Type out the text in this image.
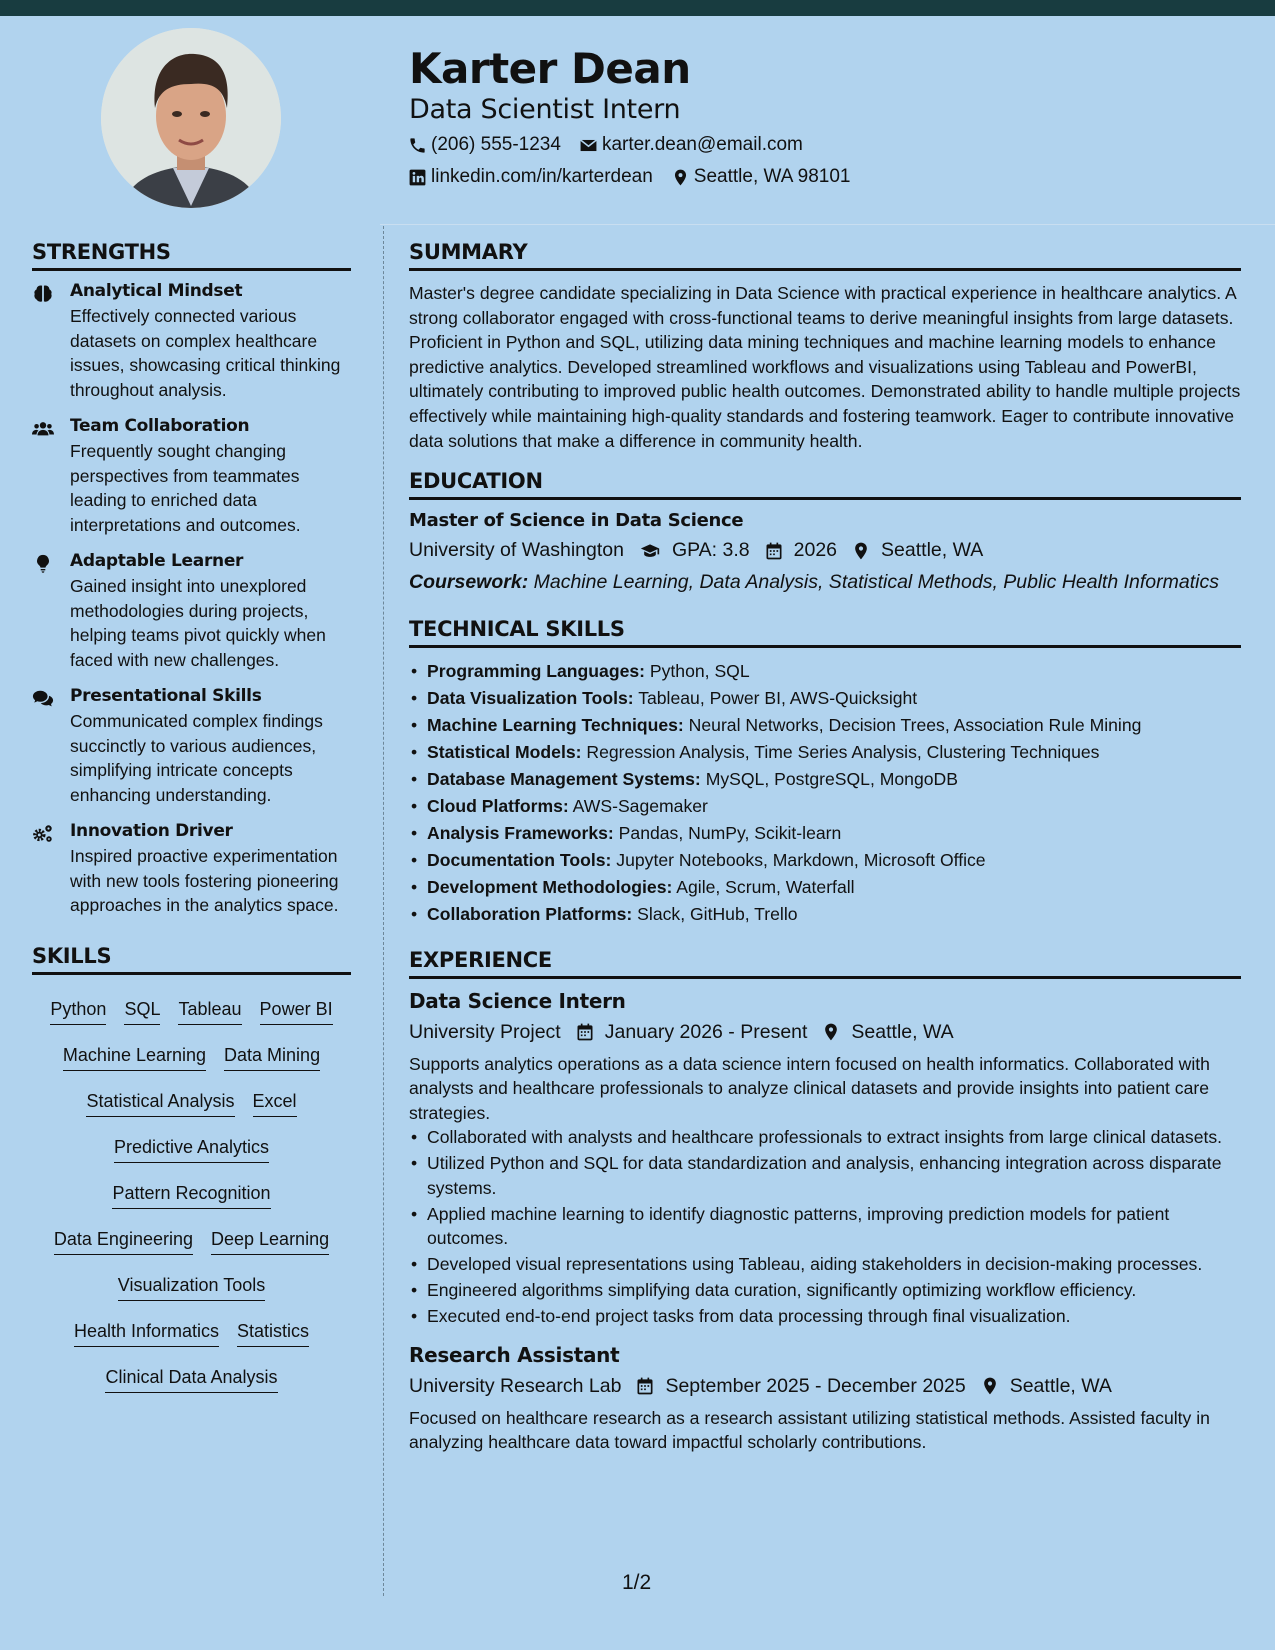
Karter Dean
Data Scientist Intern
(206) 555-1234 karter.dean@email.com
linkedin.com/in/karterdean Seattle, WA 98101
STRENGTHS
Analytical Mindset
Effectively connected various datasets on complex healthcare issues, showcasing critical thinking throughout analysis.
Team Collaboration
Frequently sought changing perspectives from teammates leading to enriched data interpretations and outcomes.
Adaptable Learner
Gained insight into unexplored methodologies during projects, helping teams pivot quickly when faced with new challenges.
Presentational Skills
Communicated complex findings succinctly to various audiences, simplifying intricate concepts enhancing understanding.
Innovation Driver
Inspired proactive experimentation with new tools fostering pioneering approaches in the analytics space.
SKILLS
Python SQL Tableau Power BI
Machine Learning Data Mining
Statistical Analysis Excel
Predictive Analytics
Pattern Recognition
Data Engineering Deep Learning
Visualization Tools
Health Informatics Statistics
Clinical Data Analysis
SUMMARY
Master's degree candidate specializing in Data Science with practical experience in healthcare analytics. A strong collaborator engaged with cross-functional teams to derive meaningful insights from large datasets. Proficient in Python and SQL, utilizing data mining techniques and machine learning models to enhance predictive analytics. Developed streamlined workflows and visualizations using Tableau and PowerBI, ultimately contributing to improved public health outcomes. Demonstrated ability to handle multiple projects effectively while maintaining high-quality standards and fostering teamwork. Eager to contribute innovative data solutions that make a difference in community health.
EDUCATION
Master of Science in Data Science
University of Washington GPA: 3.8 2026 Seattle, WA
Coursework: Machine Learning, Data Analysis, Statistical Methods, Public Health Informatics
TECHNICAL SKILLS
• Programming Languages: Python, SQL
• Data Visualization Tools: Tableau, Power BI, AWS-Quicksight
• Machine Learning Techniques: Neural Networks, Decision Trees, Association Rule Mining
• Statistical Models: Regression Analysis, Time Series Analysis, Clustering Techniques
• Database Management Systems: MySQL, PostgreSQL, MongoDB
• Cloud Platforms: AWS-Sagemaker
• Analysis Frameworks: Pandas, NumPy, Scikit-learn
• Documentation Tools: Jupyter Notebooks, Markdown, Microsoft Office
• Development Methodologies: Agile, Scrum, Waterfall
• Collaboration Platforms: Slack, GitHub, Trello
EXPERIENCE
Data Science Intern
University Project January 2026 - Present Seattle, WA
Supports analytics operations as a data science intern focused on health informatics. Collaborated with analysts and healthcare professionals to analyze clinical datasets and provide insights into patient care strategies.
• Collaborated with analysts and healthcare professionals to extract insights from large clinical datasets.
• Utilized Python and SQL for data standardization and analysis, enhancing integration across disparate systems.
• Applied machine learning to identify diagnostic patterns, improving prediction models for patient outcomes.
• Developed visual representations using Tableau, aiding stakeholders in decision-making processes.
• Engineered algorithms simplifying data curation, significantly optimizing workflow efficiency.
• Executed end-to-end project tasks from data processing through final visualization.
Research Assistant
University Research Lab September 2025 - December 2025 Seattle, WA
Focused on healthcare research as a research assistant utilizing statistical methods. Assisted faculty in analyzing healthcare data toward impactful scholarly contributions.
1/2
